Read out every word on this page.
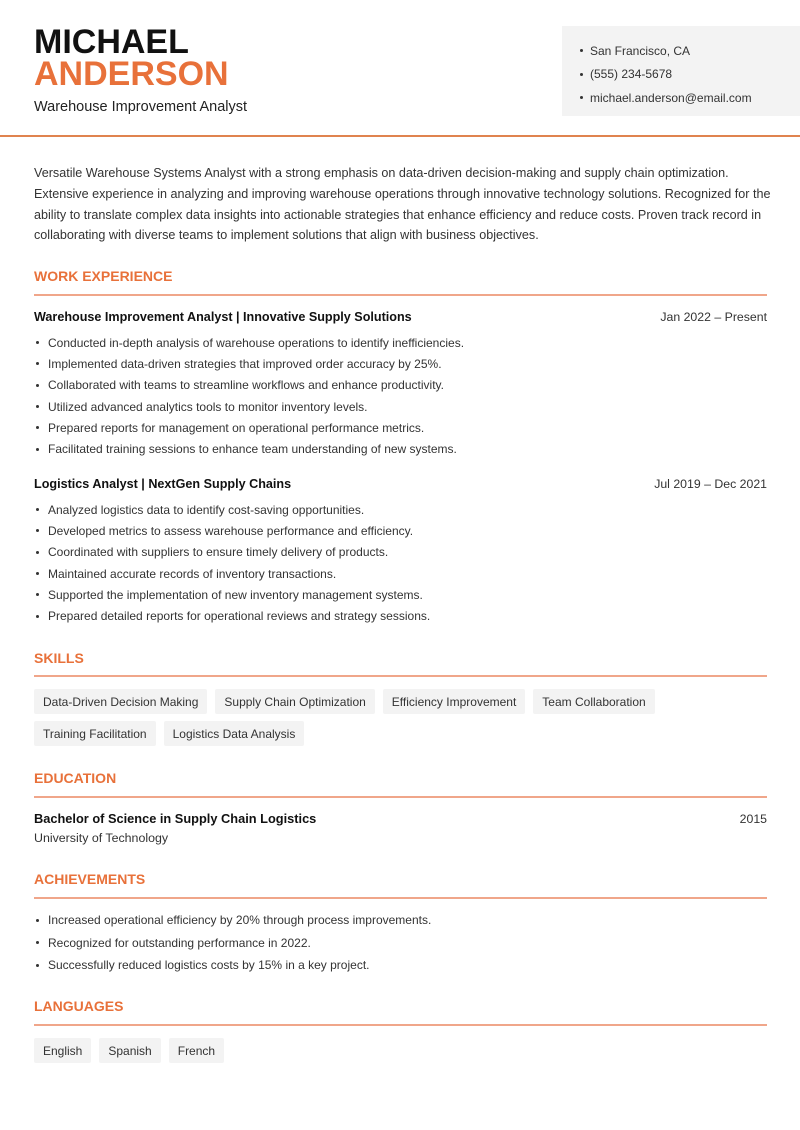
MICHAEL
ANDERSON
Warehouse Improvement Analyst
San Francisco, CA
(555) 234-5678
michael.anderson@email.com

Versatile Warehouse Systems Analyst with a strong emphasis on data-driven decision-making and supply chain optimization. Extensive experience in analyzing and improving warehouse operations through innovative technology solutions. Recognized for the ability to translate complex data insights into actionable strategies that enhance efficiency and reduce costs. Proven track record in collaborating with diverse teams to implement solutions that align with business objectives.

WORK EXPERIENCE
Warehouse Improvement Analyst | Innovative Supply Solutions	Jan 2022 – Present
Conducted in-depth analysis of warehouse operations to identify inefficiencies.
Implemented data-driven strategies that improved order accuracy by 25%.
Collaborated with teams to streamline workflows and enhance productivity.
Utilized advanced analytics tools to monitor inventory levels.
Prepared reports for management on operational performance metrics.
Facilitated training sessions to enhance team understanding of new systems.
Logistics Analyst | NextGen Supply Chains	Jul 2019 – Dec 2021
Analyzed logistics data to identify cost-saving opportunities.
Developed metrics to assess warehouse performance and efficiency.
Coordinated with suppliers to ensure timely delivery of products.
Maintained accurate records of inventory transactions.
Supported the implementation of new inventory management systems.
Prepared detailed reports for operational reviews and strategy sessions.
SKILLS
Data-Driven Decision Making	Supply Chain Optimization	Efficiency Improvement	Team Collaboration
Training Facilitation	Logistics Data Analysis
EDUCATION
Bachelor of Science in Supply Chain Logistics	2015
University of Technology
ACHIEVEMENTS
Increased operational efficiency by 20% through process improvements.
Recognized for outstanding performance in 2022.
Successfully reduced logistics costs by 15% in a key project.
LANGUAGES
English	Spanish	French
